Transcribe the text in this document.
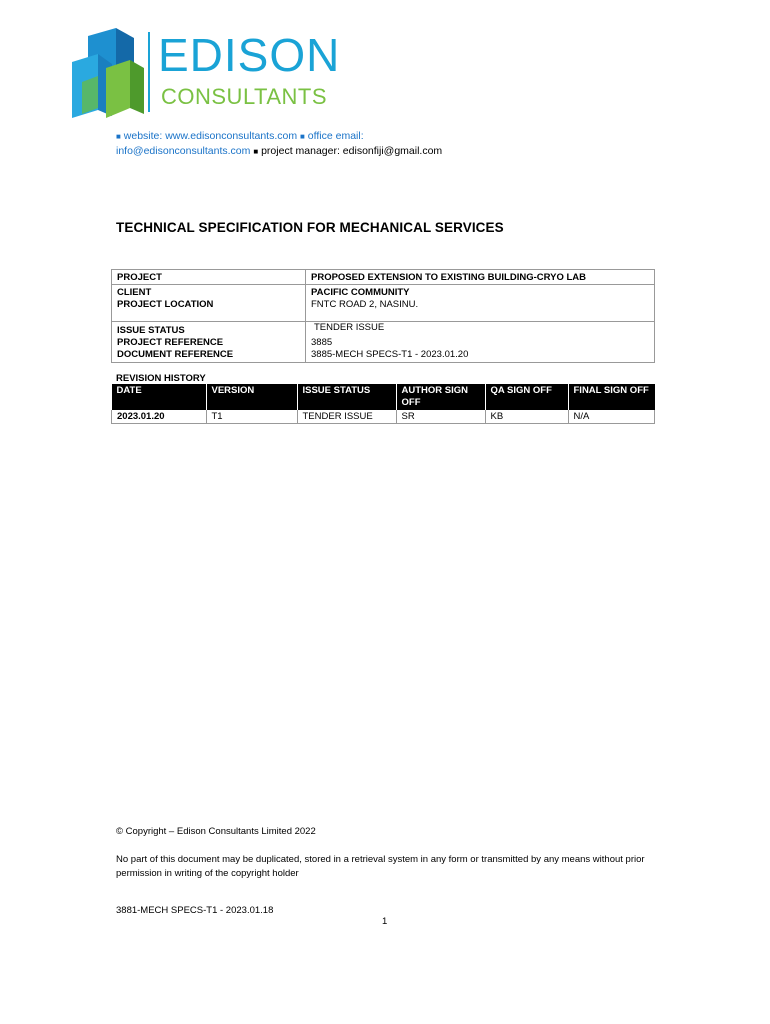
EDISON
CONSULTANTS
■ website: www.edisonconsultants.com ■ office email:
info@edisonconsultants.com ■ project manager: edisonfiji@gmail.com
TECHNICAL SPECIFICATION FOR MECHANICAL SERVICES
PROJECT	PROPOSED EXTENSION TO EXISTING BUILDING-CRYO LAB
CLIENT	PACIFIC COMMUNITY
PROJECT LOCATION	FNTC ROAD 2, NASINU.
ISSUE STATUS	TENDER ISSUE
PROJECT REFERENCE	3885
DOCUMENT REFERENCE	3885-MECH SPECS-T1 - 2023.01.20
REVISION HISTORY
DATE	VERSION	ISSUE STATUS	AUTHOR SIGN OFF	QA SIGN OFF	FINAL SIGN OFF
2023.01.20	T1	TENDER ISSUE	SR	KB	N/A
© Copyright – Edison Consultants Limited 2022
No part of this document may be duplicated, stored in a retrieval system in any form or transmitted by any means without prior permission in writing of the copyright holder
3881-MECH SPECS-T1 - 2023.01.18
1
